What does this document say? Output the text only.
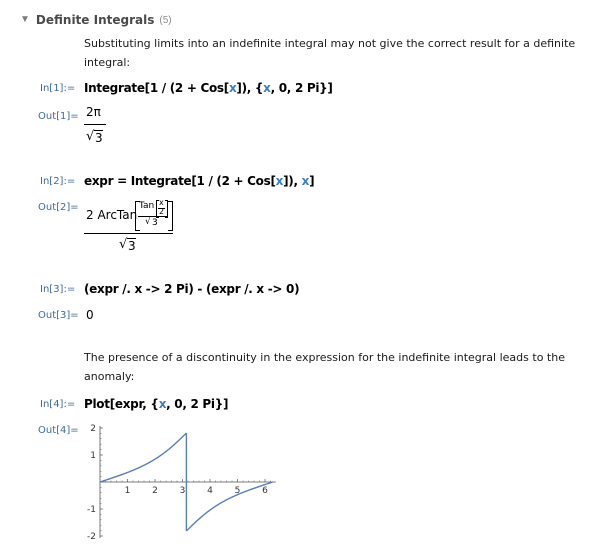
▼ Definite Integrals (5)
Substituting limits into an indefinite integral may not give the correct result for a definite integral:
In[1]:= Integrate[1 / (2 + Cos[x]), {x, 0, 2 Pi}]
Out[1]= 2π
√ 3
In[2]:= expr = Integrate[1 / (2 + Cos[x]), x]
Out[2]=
2 ArcTan
Tan x
2
√ 3
√ 3
In[3]:= (expr /. x -> 2 Pi) - (expr /. x -> 0)
Out[3]= 0
The presence of a discontinuity in the expression for the indefinite integral leads to the anomaly:
In[4]:= Plot[expr, {x, 0, 2 Pi}]
Out[4]=
1 2 3 4 5 6
2
1
-1
-2
